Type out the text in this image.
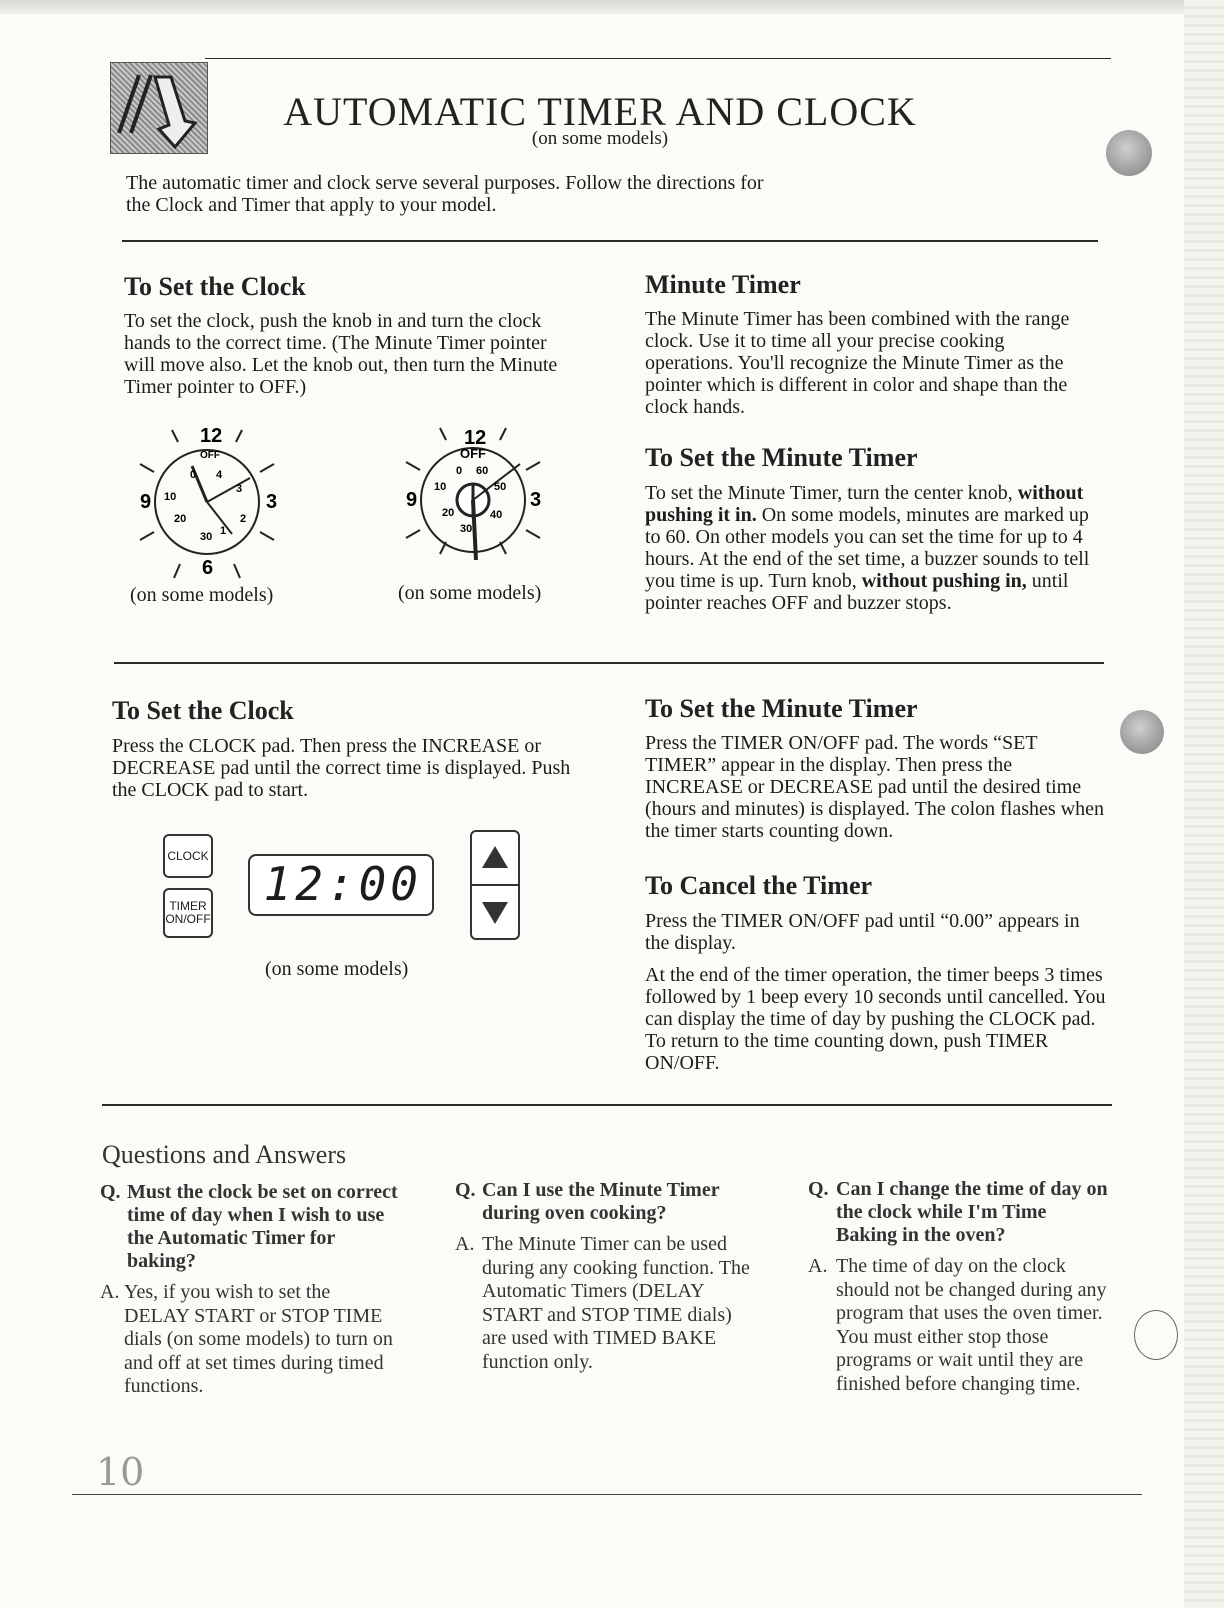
AUTOMATIC TIMER AND CLOCK
(on some models)
The automatic timer and clock serve several purposes. Follow the directions for the Clock and Timer that apply to your model.
To Set the Clock
To set the clock, push the knob in and turn the clock hands to the correct time. (The Minute Timer pointer will move also. Let the knob out, then turn the Minute Timer pointer to OFF.)
12
3
6
9
OFF
0 4
3
2
1
30
20
10
(on some models)
12
3
9
OFF
0 60
50
40
30
20
10
(on some models)
Minute Timer
The Minute Timer has been combined with the range clock. Use it to time all your precise cooking operations. You'll recognize the Minute Timer as the pointer which is different in color and shape than the clock hands.
To Set the Minute Timer
To set the Minute Timer, turn the center knob, without pushing it in. On some models, minutes are marked up to 60. On other models you can set the time for up to 4 hours. At the end of the set time, a buzzer sounds to tell you time is up. Turn knob, without pushing in, until pointer reaches OFF and buzzer stops.
To Set the Clock
Press the CLOCK pad. Then press the INCREASE or DECREASE pad until the correct time is displayed. Push the CLOCK pad to start.
CLOCK
TIMER
ON/OFF
12:00
(on some models)
To Set the Minute Timer
Press the TIMER ON/OFF pad. The words “SET TIMER” appear in the display. Then press the INCREASE or DECREASE pad until the desired time (hours and minutes) is displayed. The colon flashes when the timer starts counting down.
To Cancel the Timer
Press the TIMER ON/OFF pad until “0.00” appears in the display.
At the end of the timer operation, the timer beeps 3 times followed by 1 beep every 10 seconds until cancelled. You can display the time of day by pushing the CLOCK pad. To return to the time counting down, push TIMER ON/OFF.
Questions and Answers
Q. Must the clock be set on correct time of day when I wish to use the Automatic Timer for baking?
A. Yes, if you wish to set the DELAY START or STOP TIME dials (on some models) to turn on and off at set times during timed functions.
Q. Can I use the Minute Timer during oven cooking?
A. The Minute Timer can be used during any cooking function. The Automatic Timers (DELAY START and STOP TIME dials) are used with TIMED BAKE function only.
Q. Can I change the time of day on the clock while I'm Time Baking in the oven?
A. The time of day on the clock should not be changed during any program that uses the oven timer. You must either stop those programs or wait until they are finished before changing time.
10
